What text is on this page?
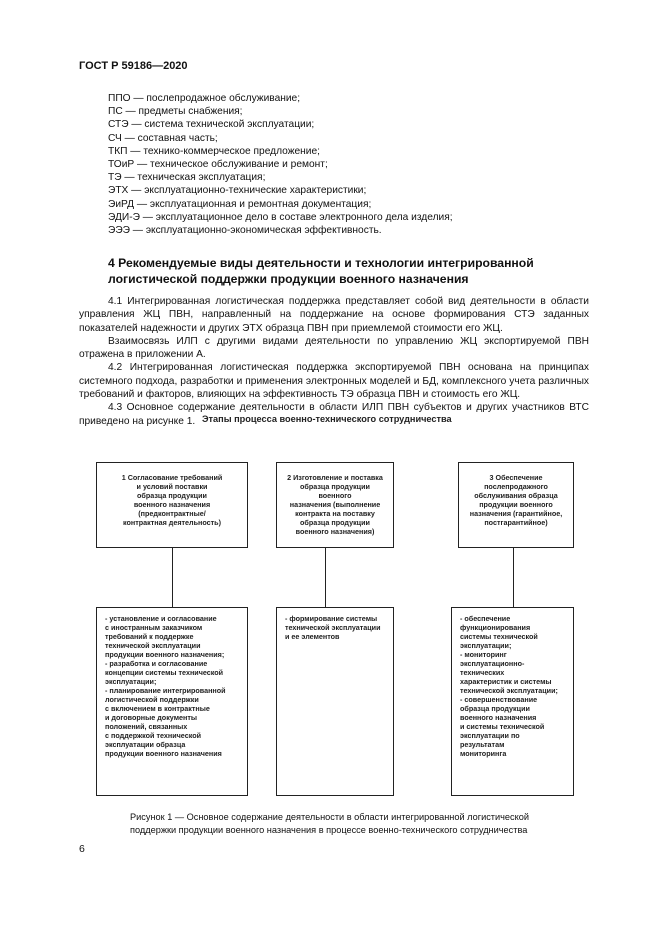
ГОСТ Р 59186—2020
ППО — послепродажное обслуживание;
ПС — предметы снабжения;
СТЭ — система технической эксплуатации;
СЧ — составная часть;
ТКП — технико-коммерческое предложение;
ТОиР — техническое обслуживание и ремонт;
ТЭ — техническая эксплуатация;
ЭТХ — эксплуатационно-технические характеристики;
ЭиРД — эксплуатационная и ремонтная документация;
ЭДИ-Э — эксплуатационное дело в составе электронного дела изделия;
ЭЭЭ — эксплуатационно-экономическая эффективность.
4 Рекомендуемые виды деятельности и технологии интегрированной логистической поддержки продукции военного назначения

4.1 Интегрированная логистическая поддержка представляет собой вид деятельности в области управления ЖЦ ПВН, направленный на поддержание на основе формирования СТЭ заданных показателей надежности и других ЭТХ образца ПВН при приемлемой стоимости его ЖЦ.

Взаимосвязь ИЛП с другими видами деятельности по управлению ЖЦ экспортируемой ПВН отражена в приложении А.

4.2 Интегрированная логистическая поддержка экспортируемой ПВН основана на принципах системного подхода, разработки и применения электронных моделей и БД, комплексного учета различных требований и факторов, влияющих на эффективность ТЭ образца ПВН и стоимость его ЖЦ.

4.3 Основное содержание деятельности в области ИЛП ПВН субъектов и других участников ВТС приведено на рисунке 1. Этапы процесса военно-технического сотрудничества
1 Согласование требований
и условий поставки
образца продукции
военного назначения
(предконтрактные/
контрактная деятельность)
2 Изготовление и поставка
образца продукции военного
назначения (выполнение
контракта на поставку
образца продукции
военного назначения)
3 Обеспечение
послепродажного
обслуживания образца
продукции военного
назначения (гарантийное,
постгарантийное)
- установление и согласование
с иностранным заказчиком
требований к поддержке
технической эксплуатации
продукции военного назначения;
- разработка и согласование
концепции системы технической
эксплуатации;
- планирование интегрированной
логистической поддержки
с включением в контрактные
и договорные документы
положений, связанных
с поддержкой технической
эксплуатации образца
продукции военного назначения
- формирование системы
технической эксплуатации
и ее элементов
- обеспечение
функционирования
системы технической
эксплуатации;
- мониторинг
эксплуатационно-
технических
характеристик и системы
технической эксплуатации;
- совершенствование
образца продукции
военного назначения
и системы технической
эксплуатации по результатам
мониторинга
Рисунок 1 — Основное содержание деятельности в области интегрированной логистической
поддержки продукции военного назначения в процессе военно-технического сотрудничества
6
